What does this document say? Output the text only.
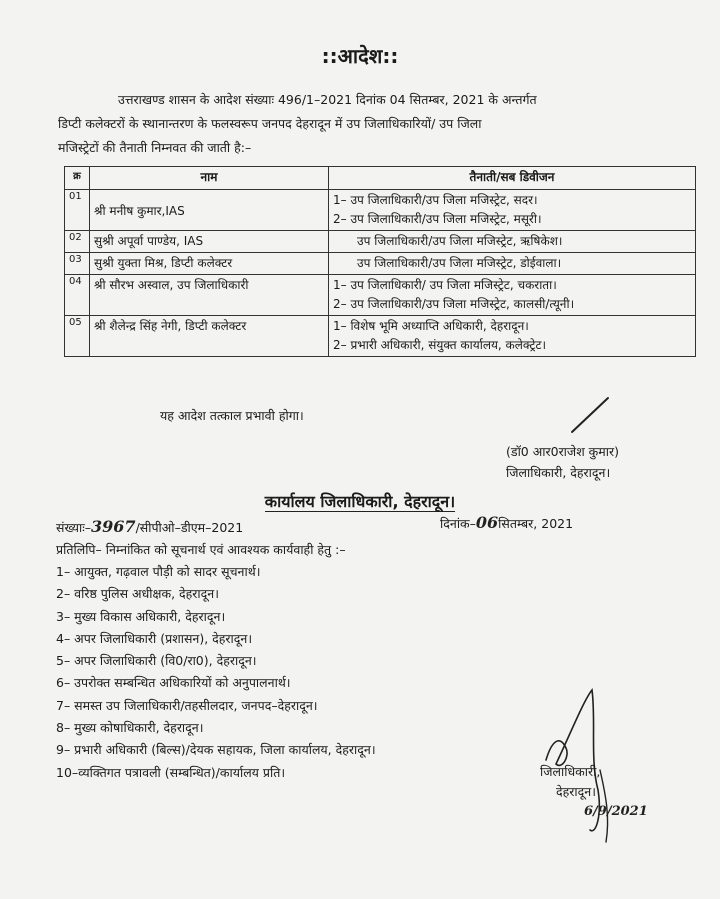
::आदेश::
उत्तराखण्ड शासन के आदेश संख्याः 496/1–2021 दिनांक 04 सितम्बर, 2021 के अन्तर्गत
डिप्टी कलेक्टरों के स्थानान्तरण के फलस्वरूप जनपद देहरादून में उप जिलाधिकारियों/ उप जिला
मजिस्ट्रेटों की तैनाती निम्नवत की जाती है:–
क्र	नाम	तैनाती/सब डिवीजन
01	श्री मनीष कुमार,IAS	1– उप जिलाधिकारी/उप जिला मजिस्ट्रेट, सदर।
2– उप जिलाधिकारी/उप जिला मजिस्ट्रेट, मसूरी।

02	सुश्री अपूर्वा पाण्डेय, IAS	उप जिलाधिकारी/उप जिला मजिस्ट्रेट, ऋषिकेश।

03	सुश्री युक्ता मिश्र, डिप्टी कलेक्टर	उप जिलाधिकारी/उप जिला मजिस्ट्रेट, डोईवाला।

04	श्री सौरभ अस्वाल, उप जिलाधिकारी	1– उप जिलाधिकारी/ उप जिला मजिस्ट्रेट, चकराता।
2– उप जिलाधिकारी/उप जिला मजिस्ट्रेट, कालसी/त्यूनी।

05	श्री शैलेन्द्र सिंह नेगी, डिप्टी कलेक्टर	1– विशेष भूमि अध्याप्ति अधिकारी, देहरादून।
2– प्रभारी अधिकारी, संयुक्त कार्यालय, कलेक्ट्रेट।
यह आदेश तत्काल प्रभावी होगा।
(डॉ0 आर0राजेश कुमार)
जिलाधिकारी, देहरादून।
कार्यालय जिलाधिकारी, देहरादून।
संख्याः–3967/सीपीओ–डीएम–2021	दिनांक–06सितम्बर, 2021
प्रतिलिपि– निम्नांकित को सूचनार्थ एवं आवश्यक कार्यवाही हेतु :–
1– आयुक्त, गढ़वाल पौड़ी को सादर सूचनार्थ।
2– वरिष्ठ पुलिस अधीक्षक, देहरादून।
3– मुख्य विकास अधिकारी, देहरादून।
4– अपर जिलाधिकारी (प्रशासन), देहरादून।
5– अपर जिलाधिकारी (वि0/रा0), देहरादून।
6– उपरोक्त सम्बन्धित अधिकारियों को अनुपालनार्थ।
7– समस्त उप जिलाधिकारी/तहसीलदार, जनपद–देहरादून।
8– मुख्य कोषाधिकारी, देहरादून।
9– प्रभारी अधिकारी (बिल्स)/देयक सहायक, जिला कार्यालय, देहरादून।
10–व्यक्तिगत पत्रावली (सम्बन्धित)/कार्यालय प्रति।	जिलाधिकारी,
देहरादून।
6/9/2021
